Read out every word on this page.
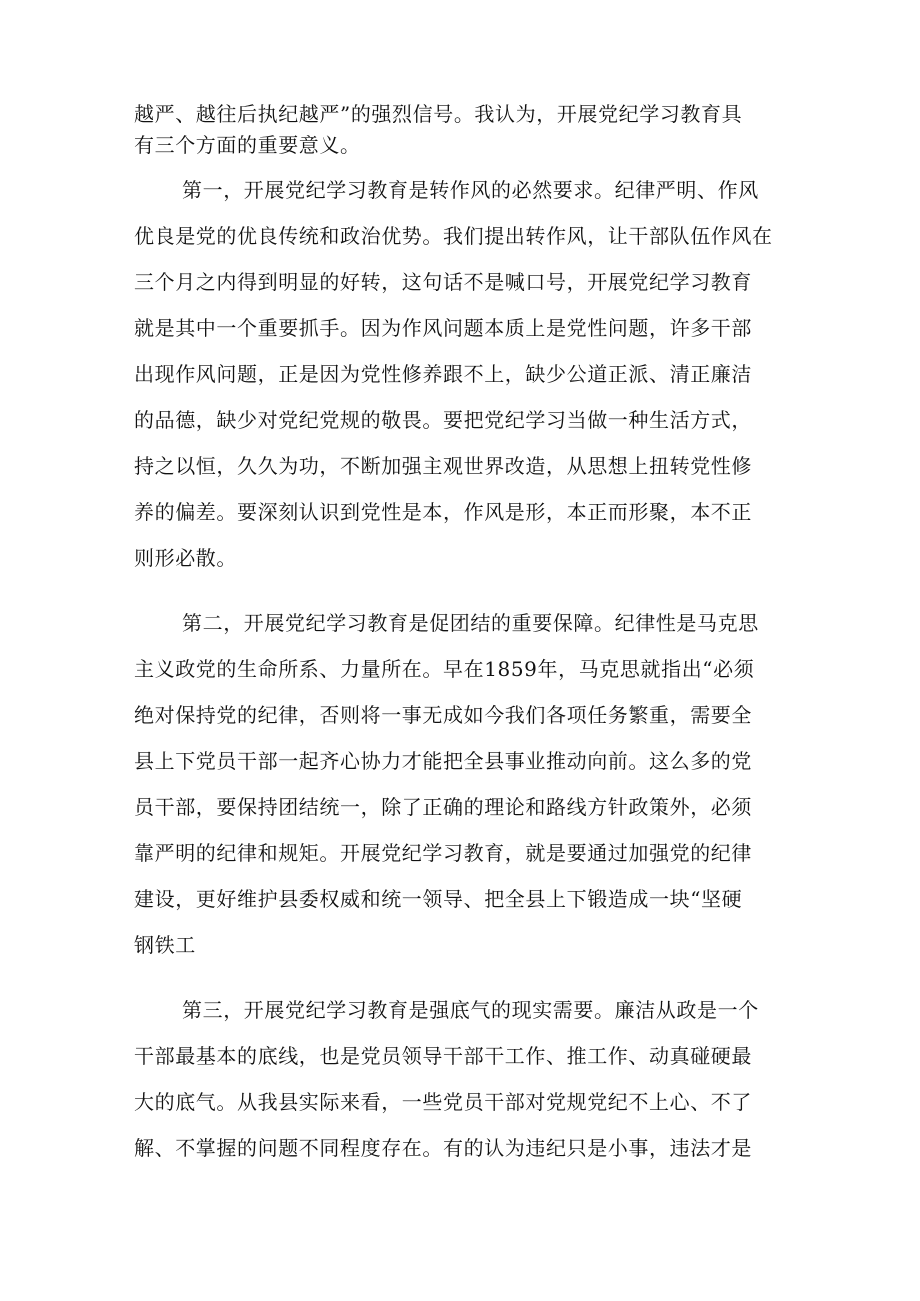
越严、越往后执纪越严”的强烈信号。我认为，开展党纪学习教育具
有三个方面的重要意义。
第一，开展党纪学习教育是转作风的必然要求。纪律严明、作风
优良是党的优良传统和政治优势。我们提出转作风，让干部队伍作风在
三个月之内得到明显的好转，这句话不是喊口号，开展党纪学习教育
就是其中一个重要抓手。因为作风问题本质上是党性问题，许多干部
出现作风问题，正是因为党性修养跟不上，缺少公道正派、清正廉洁
的品德，缺少对党纪党规的敬畏。要把党纪学习当做一种生活方式，
持之以恒，久久为功，不断加强主观世界改造，从思想上扭转党性修
养的偏差。要深刻认识到党性是本，作风是形，本正而形聚，本不正
则形必散。
第二，开展党纪学习教育是促团结的重要保障。纪律性是马克思
主义政党的生命所系、力量所在。早在1859年，马克思就指出“必须
绝对保持党的纪律，否则将一事无成如今我们各项任务繁重，需要全
县上下党员干部一起齐心协力才能把全县事业推动向前。这么多的党
员干部，要保持团结统一，除了正确的理论和路线方针政策外，必须
靠严明的纪律和规矩。开展党纪学习教育，就是要通过加强党的纪律
建设，更好维护县委权威和统一领导、把全县上下锻造成一块“坚硬
钢铁工
第三，开展党纪学习教育是强底气的现实需要。廉洁从政是一个
干部最基本的底线，也是党员领导干部干工作、推工作、动真碰硬最
大的底气。从我县实际来看，一些党员干部对党规党纪不上心、不了
解、不掌握的问题不同程度存在。有的认为违纪只是小事，违法才是
